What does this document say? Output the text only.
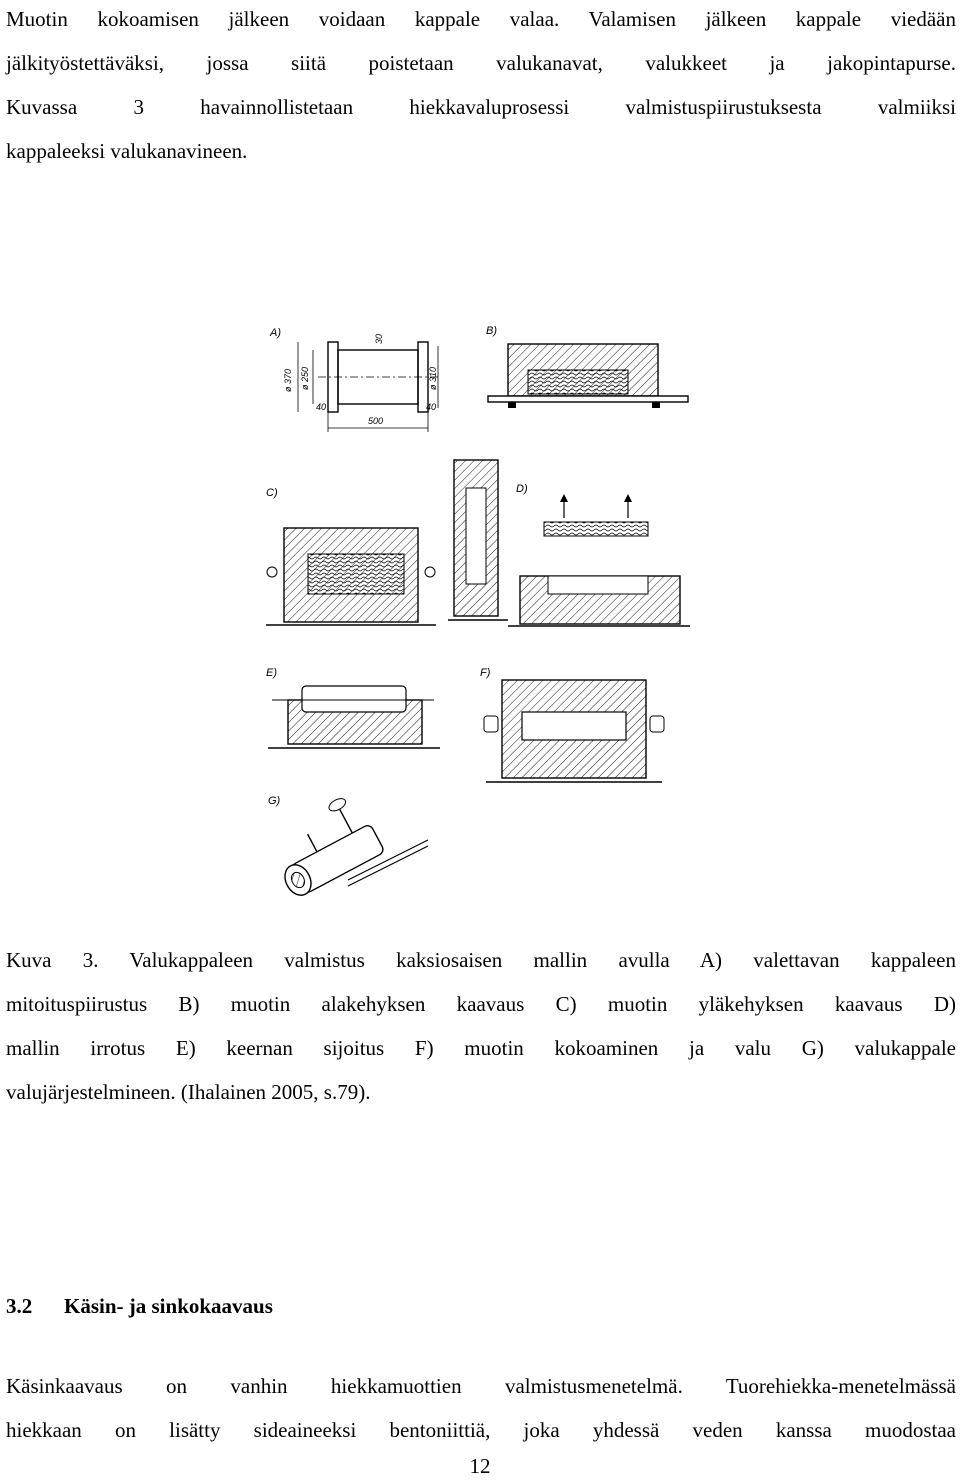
Muotin kokoamisen jälkeen voidaan kappale valaa. Valamisen jälkeen kappale viedään
jälkityöstettäväksi, jossa siitä poistetaan valukanavat, valukkeet ja jakopintapurse.
Kuvassa 3 havainnollistetaan hiekkavaluprosessi valmistuspiirustuksesta valmiiksi
kappaleeksi valukanavineen.
A)
ø 370 ø 250	ø 310
30
40	40
500
B)
C)	D)
E)	F)
G)
Kuva 3. Valukappaleen valmistus kaksiosaisen mallin avulla A) valettavan kappaleen
mitoituspiirustus B) muotin alakehyksen kaavaus C) muotin yläkehyksen kaavaus D)
mallin irrotus E) keernan sijoitus F) muotin kokoaminen ja valu G) valukappale
valujärjestelmineen. (Ihalainen 2005, s.79).
3.2 Käsin- ja sinkokaavaus
Käsinkaavaus on vanhin hiekkamuottien valmistusmenetelmä. Tuorehiekka-menetelmässä
hiekkaan on lisätty sideaineeksi bentoniittiä, joka yhdessä veden kanssa muodostaa
12
